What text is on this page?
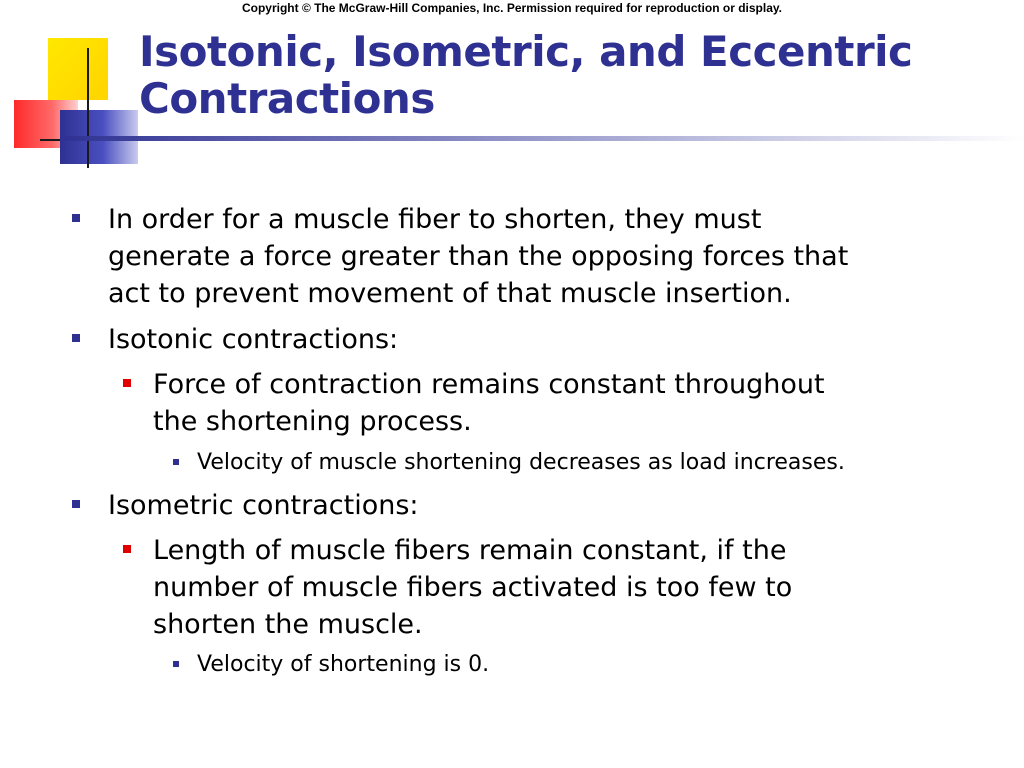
Copyright © The McGraw-Hill Companies, Inc. Permission required for reproduction or display.
Isotonic, Isometric, and Eccentric
Contractions
In order for a muscle fiber to shorten, they must
generate a force greater than the opposing forces that
act to prevent movement of that muscle insertion.
Isotonic contractions:
Force of contraction remains constant throughout
the shortening process.
Velocity of muscle shortening decreases as load increases.
Isometric contractions:
Length of muscle fibers remain constant, if the
number of muscle fibers activated is too few to
shorten the muscle.
Velocity of shortening is 0.
